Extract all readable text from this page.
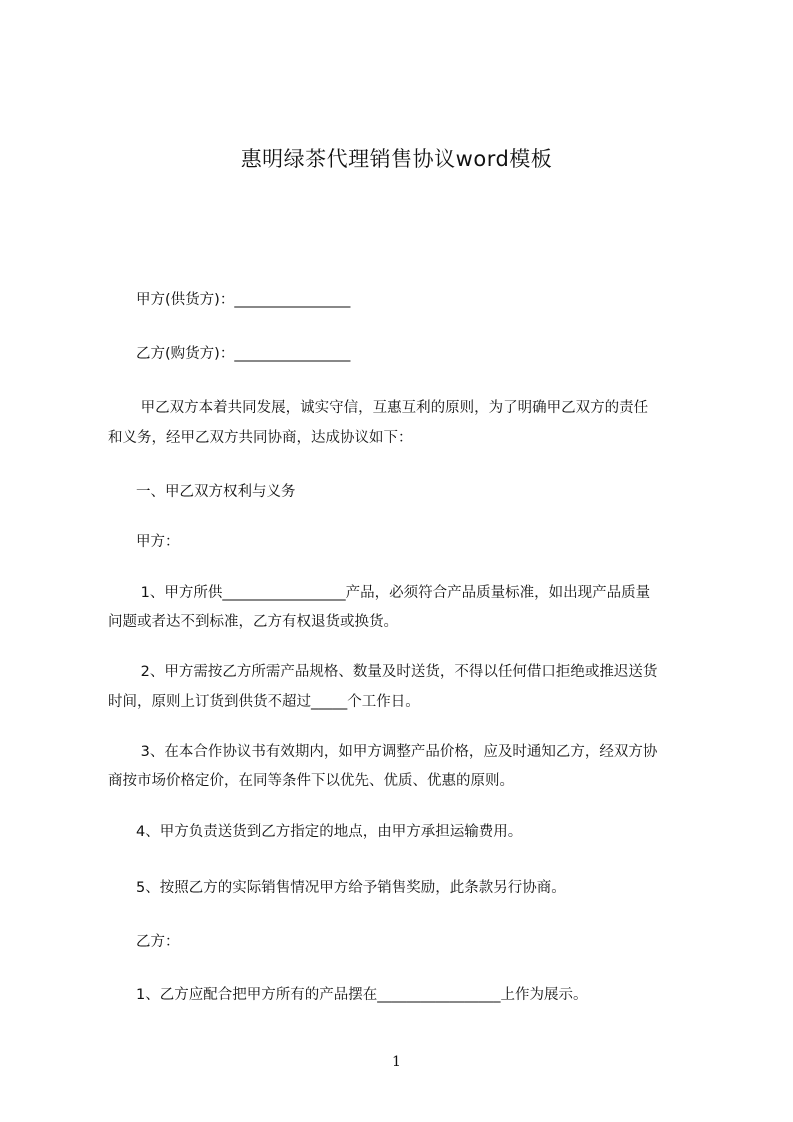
惠明绿茶代理销售协议word模板
甲方(供货方)：________________
乙方(购货方)：________________
甲乙双方本着共同发展，诚实守信，互惠互利的原则，为了明确甲乙双方的责任
和义务，经甲乙双方共同协商，达成协议如下：
一、甲乙双方权利与义务
甲方：
1、甲方所供_________________产品，必须符合产品质量标准，如出现产品质量
问题或者达不到标准，乙方有权退货或换货。
2、甲方需按乙方所需产品规格、数量及时送货，不得以任何借口拒绝或推迟送货
时间，原则上订货到供货不超过_____个工作日。
3、在本合作协议书有效期内，如甲方调整产品价格，应及时通知乙方，经双方协
商按市场价格定价，在同等条件下以优先、优质、优惠的原则。
4、甲方负责送货到乙方指定的地点，由甲方承担运输费用。
5、按照乙方的实际销售情况甲方给予销售奖励，此条款另行协商。
乙方：
1、乙方应配合把甲方所有的产品摆在_________________上作为展示。
1
